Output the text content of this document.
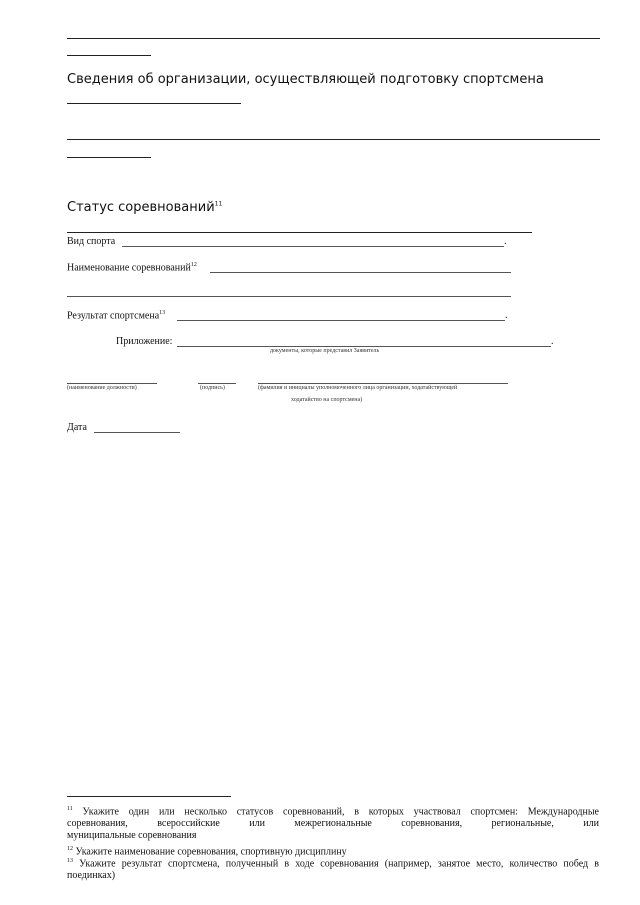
Сведения об организации, осуществляющей подготовку спортсмена
Статус соревнований$^{11}$
Вид спорта	.
Наименование соревнований$^{12}$
Результат спортсмена$^{13}$	.
Приложение:	.
документы, которые представил Заявитель
(наименование должности)	(подпись)	(фамилия и инициалы уполномоченного лица организации, ходатайствующей
ходатайство на спортсмена)
Дата
$^{11}$ Укажите один или несколько статусов соревнований, в которых участвовал спортсмен: Международные
соревнования, всероссийские или межрегиональные соревнования, региональные, или
муниципальные соревнования
$^{12}$ Укажите наименование соревнования, спортивную дисциплину
$^{13}$ Укажите результат спортсмена, полученный в ходе соревнования (например, занятое место, количество побед в
поединках)
